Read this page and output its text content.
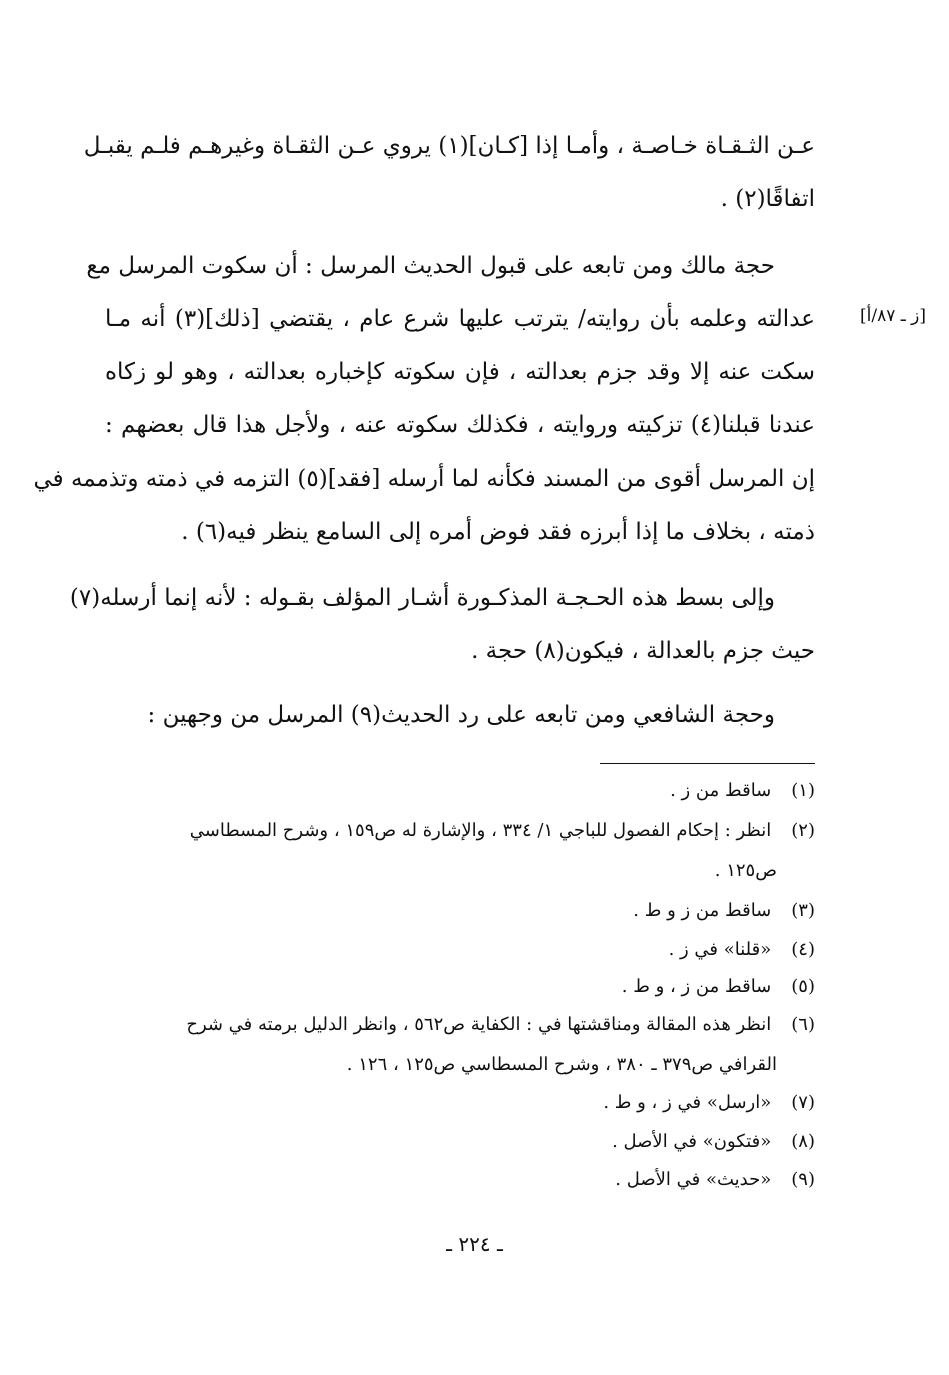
عـن الثـقـاة خـاصـة ، وأمـا إذا [كـان](١) يروي عـن الثقـاة وغيرهـم فلـم يقبـل
اتفاقًا(٢) .
حجة مالك ومن تابعه على قبول الحديث المرسل : أن سكوت المرسل مع
عدالته وعلمه بأن روايته/ يترتب عليها شرع عام ، يقتضي [ذلك](٣) أنه مـا
سكت عنه إلا وقد جزم بعدالته ، فإن سكوته كإخباره بعدالته ، وهو لو زكاه
عندنا قبلنا(٤) تزكيته وروايته ، فكذلك سكوته عنه ، ولأجل هذا قال بعضهم :
إن المرسل أقوى من المسند فكأنه لما أرسله [فقد](٥) التزمه في ذمته وتذممه في
ذمته ، بخلاف ما إذا أبرزه فقد فوض أمره إلى السامع ينظر فيه(٦) .
وإلى بسط هذه الحـجـة المذكـورة أشـار المؤلف بقـوله : لأنه إنما أرسله(٧)
حيث جزم بالعدالة ، فيكون(٨) حجة .
وحجة الشافعي ومن تابعه على رد الحديث(٩) المرسل من وجهين :
[ز ـ ٨٧/أ]
(١) ساقط من ز .
(٢) انظر : إحكام الفصول للباجي ١/ ٣٣٤ ، والإشارة له ص١٥٩ ، وشرح المسطاسي
ص١٢٥ .
(٣) ساقط من ز و ط .
(٤) «قلنا» في ز .
(٥) ساقط من ز ، و ط .
(٦) انظر هذه المقالة ومناقشتها في : الكفاية ص٥٦٢ ، وانظر الدليل برمته في شرح
القرافي ص٣٧٩ ـ ٣٨٠ ، وشرح المسطاسي ص١٢٥ ، ١٢٦ .
(٧) «ارسل» في ز ، و ط .
(٨) «فتكون» في الأصل .
(٩) «حديث» في الأصل .
ـ ٢٢٤ ـ
